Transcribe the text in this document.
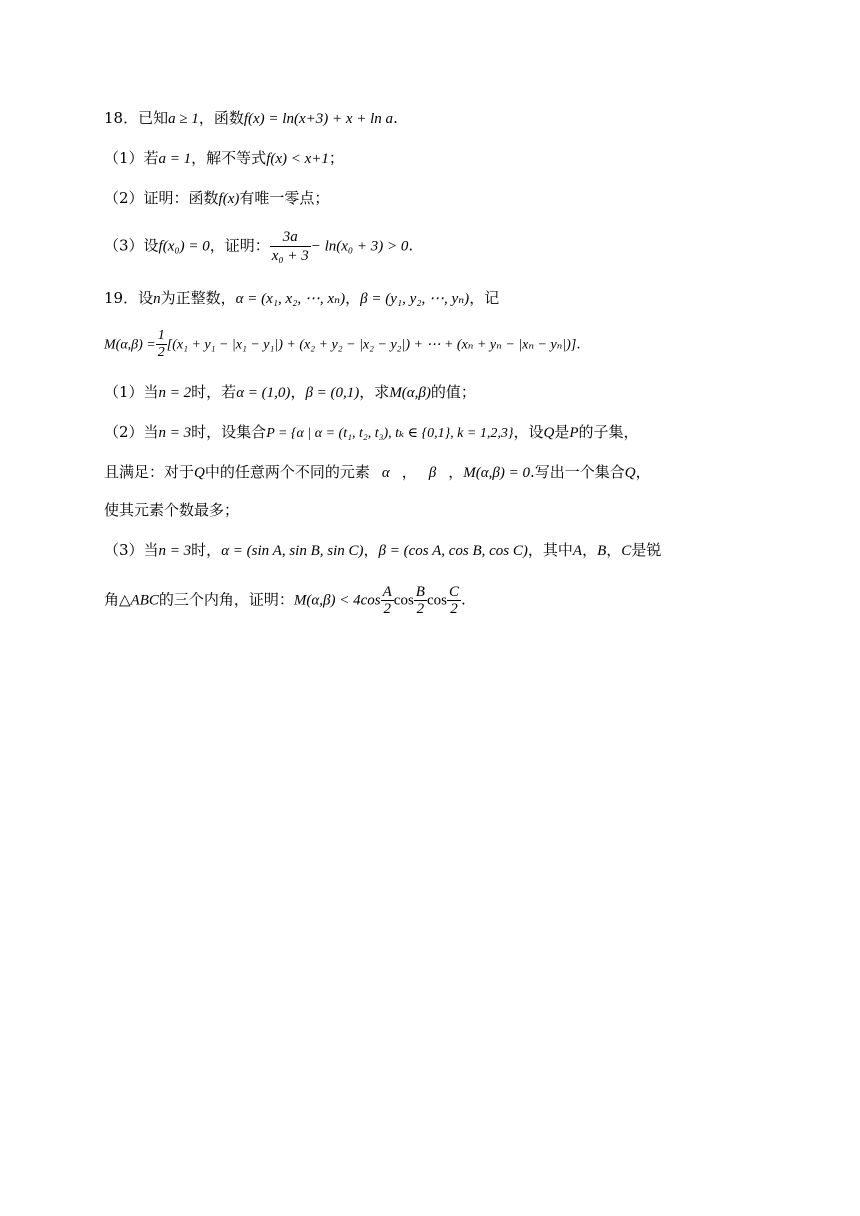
18．已知a ≥ 1，函数f(x) = ln(x+3) + x + ln a.
（1）若a = 1，解不等式f(x) < x+1；
（2）证明：函数f(x)有唯一零点；
（3）设f(x₀) = 0，证明： $\frac{3a}{\text{x₀ + 3}} - \ln(x_0 + 3) > 0$.
19．设n为正整数，α = (x₁, x₂, ⋯, xₙ)，β = (y₁, y₂, ⋯, yₙ)，记
$M(\alpha,\beta) = \frac{1}{2} [(x_1 + y_1 - |x_1 - y_1|) + (x_2 + y_2 - |x_2 - y_2|)$ + ⋯ + (xₙ + yₙ − |xₙ − yₙ|)].
（1）当n = 2时，若α = (1,0)，β = (0,1)，求M(α,β)的值；
（2）当n = 3时，设集合P = {α | α = (t₁, t₂, t₃), tₖ ∈ {0,1}, k = 1,2,3}，设Q是P的子集，
且满足：对于Q中的任意两个不同的元素 α ， β ，M(α,β) = 0.写出一个集合Q，
使其元素个数最多；
（3）当n = 3时，α = (sin A, sin B, sin C)，β = (cos A, cos B, cos C)，其中A，B，C是锐
角△ABC的三个内角，证明：$M(\alpha,\beta) < 4\cos \frac{A}{2}$ $\cos \frac{B}{2}$ $\cos \frac{C}{2}$ .
